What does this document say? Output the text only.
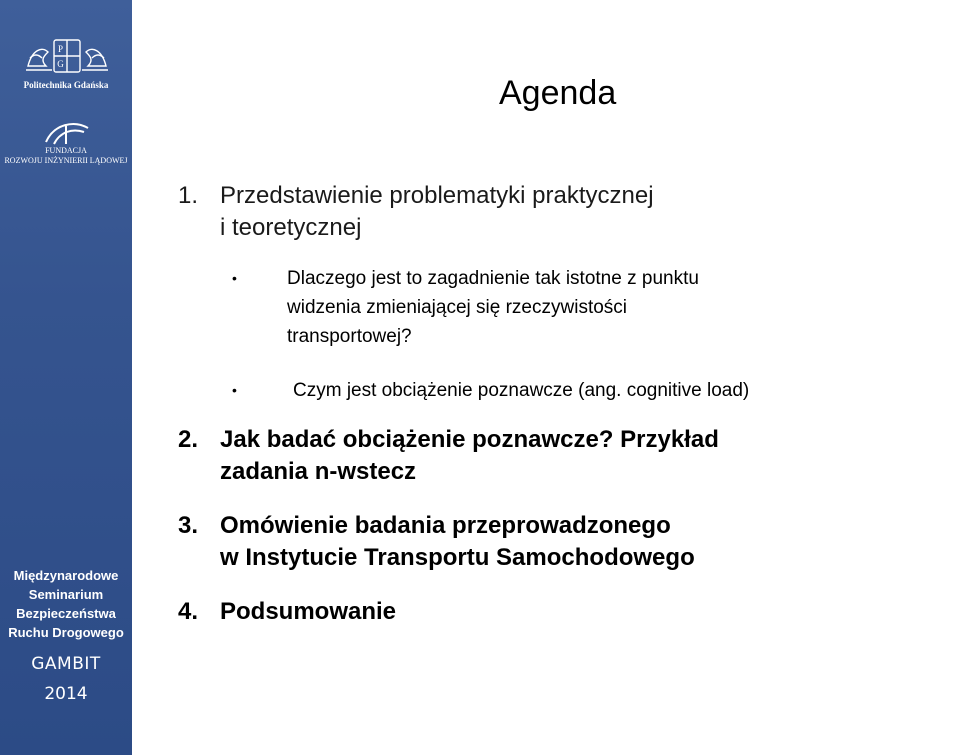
P
G
Politechnika Gdańska
FUNDACJA
ROZWOJU INŻYNIERII LĄDOWEJ
Międzynarodowe
Seminarium
Bezpieczeństwa
Ruchu Drogowego
GAMBIT
2014
Agenda
1. Przedstawienie problematyki praktycznej
i teoretycznej
•	Dlaczego jest to zagadnienie tak istotne z punktu
widzenia zmieniającej się rzeczywistości
transportowej?
•	Czym jest obciążenie poznawcze (ang. cognitive load)
2. Jak badać obciążenie poznawcze? Przykład
zadania n-wstecz
3. Omówienie badania przeprowadzonego
w Instytucie Transportu Samochodowego
4. Podsumowanie
